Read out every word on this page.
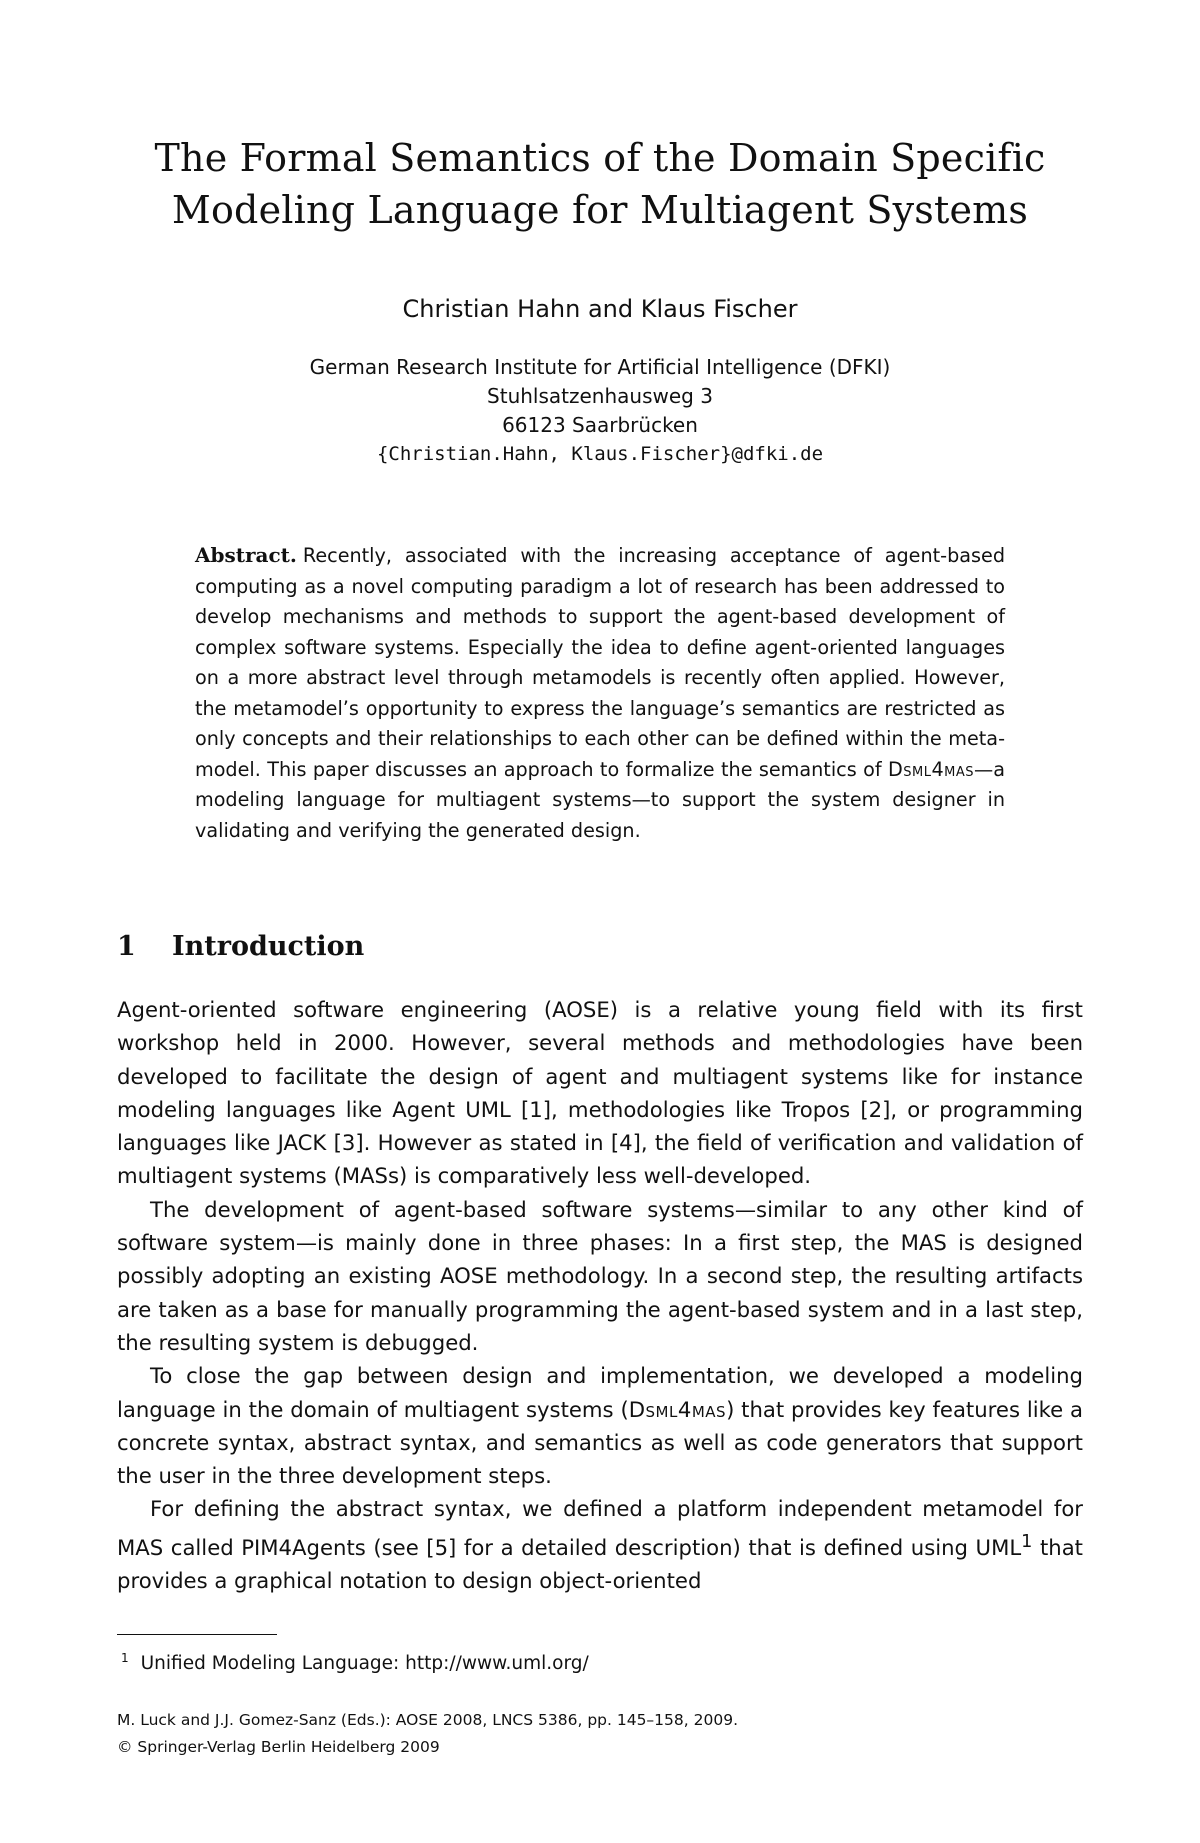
The Formal Semantics of the Domain Specific
Modeling Language for Multiagent Systems
Christian Hahn and Klaus Fischer
German Research Institute for Artificial Intelligence (DFKI)
Stuhlsatzenhausweg 3
66123 Saarbrücken
{Christian.Hahn, Klaus.Fischer}@dfki.de
Abstract. Recently, associated with the increasing acceptance of agent-based computing as a novel computing paradigm a lot of research has been addressed to develop mechanisms and methods to support the agent-based development of complex software systems. Especially the idea to define agent-oriented languages on a more abstract level through metamodels is recently often applied. However, the metamodel’s opportunity to express the language’s semantics are restricted as only concepts and their relationships to each other can be defined within the metamodel. This paper discusses an approach to formalize the semantics of Dsml4mas—a modeling language for multiagent systems—to support the system designer in validating and verifying the generated design.
1 Introduction

Agent-oriented software engineering (AOSE) is a relative young field with its first workshop held in 2000. However, several methods and methodologies have been developed to facilitate the design of agent and multiagent systems like for instance modeling languages like Agent UML [1], methodologies like Tropos [2], or programming languages like JACK [3]. However as stated in [4], the field of verification and validation of multiagent systems (MASs) is comparatively less well-developed.

The development of agent-based software systems—similar to any other kind of software system—is mainly done in three phases: In a first step, the MAS is designed possibly adopting an existing AOSE methodology. In a second step, the resulting artifacts are taken as a base for manually programming the agent-based system and in a last step, the resulting system is debugged.

To close the gap between design and implementation, we developed a modeling language in the domain of multiagent systems (Dsml4mas) that provides key features like a concrete syntax, abstract syntax, and semantics as well as code generators that support the user in the three development steps.

For defining the abstract syntax, we defined a platform independent metamodel for MAS called PIM4Agents (see [5] for a detailed description) that is defined using UML$^1$ that provides a graphical notation to design object-oriented

$^1$ Unified Modeling Language: http://www.uml.org/
M. Luck and J.J. Gomez-Sanz (Eds.): AOSE 2008, LNCS 5386, pp. 145–158, 2009.
© Springer-Verlag Berlin Heidelberg 2009
